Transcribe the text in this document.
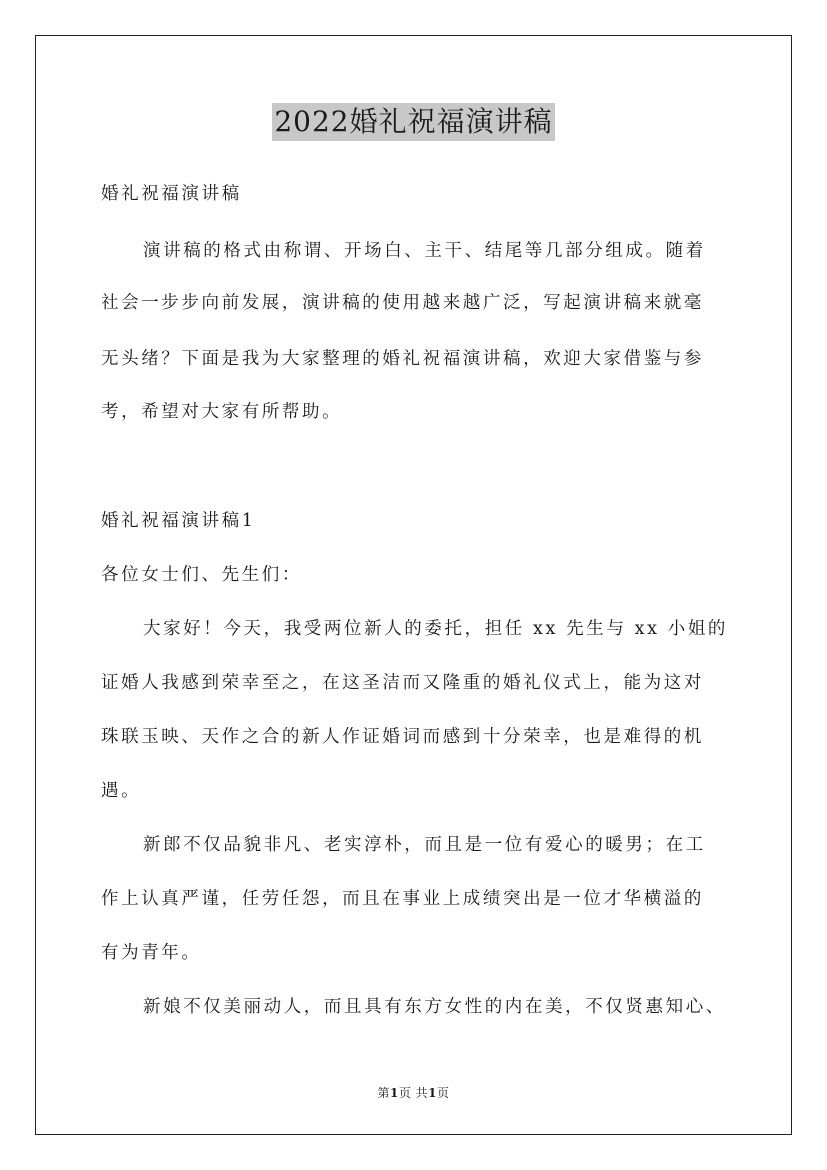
2022婚礼祝福演讲稿
婚礼祝福演讲稿
演讲稿的格式由称谓、开场白、主干、结尾等几部分组成。随着
社会一步步向前发展，演讲稿的使用越来越广泛，写起演讲稿来就毫
无头绪？下面是我为大家整理的婚礼祝福演讲稿，欢迎大家借鉴与参
考，希望对大家有所帮助。
婚礼祝福演讲稿1
各位女士们、先生们：
大家好！今天，我受两位新人的委托，担任 xx 先生与 xx 小姐的
证婚人我感到荣幸至之，在这圣洁而又隆重的婚礼仪式上，能为这对
珠联玉映、天作之合的新人作证婚词而感到十分荣幸，也是难得的机
遇。
新郎不仅品貌非凡、老实淳朴，而且是一位有爱心的暖男；在工
作上认真严谨，任劳任怨，而且在事业上成绩突出是一位才华横溢的
有为青年。
新娘不仅美丽动人，而且具有东方女性的内在美，不仅贤惠知心、
第1页 共1页
